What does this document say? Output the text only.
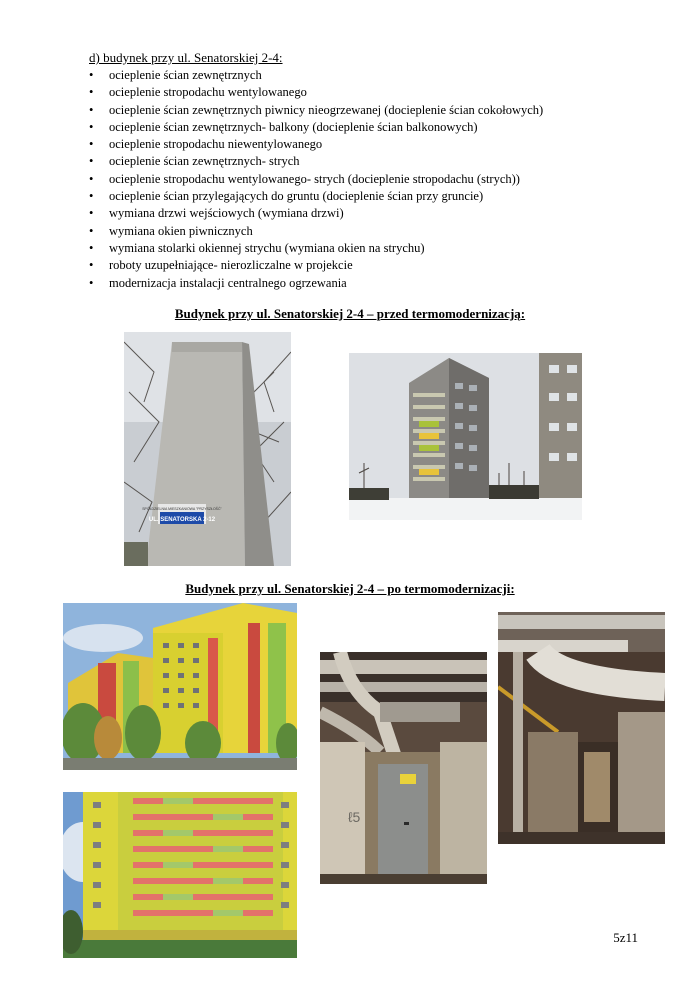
d) budynek przy ul. Senatorskiej 2-4:
• ocieplenie ścian zewnętrznych
• ocieplenie stropodachu wentylowanego
• ocieplenie ścian zewnętrznych piwnicy nieogrzewanej (docieplenie ścian cokołowych)
• ocieplenie ścian zewnętrznych- balkony (docieplenie ścian balkonowych)
• ocieplenie stropodachu niewentylowanego
• ocieplenie ścian zewnętrznych- strych
• ocieplenie stropodachu wentylowanego- strych (docieplenie stropodachu (strych))
• ocieplenie ścian przylegających do gruntu (docieplenie ścian przy gruncie)
• wymiana drzwi wejściowych (wymiana drzwi)
• wymiana okien piwnicznych
• wymiana stolarki okiennej strychu (wymiana okien na strychu)
• roboty uzupełniające- nierozliczalne w projekcie
• modernizacja instalacji centralnego ogrzewania
Budynek przy ul. Senatorskiej 2-4 – przed termomodernizacją:
SPÓŁDZIELNIA MIESZKANIOWA "PRZYSZŁOŚĆ"
UL. SENATORSKA 2-12
Budynek przy ul. Senatorskiej 2-4 – po termomodernizacji:
ℓ5
5z11
